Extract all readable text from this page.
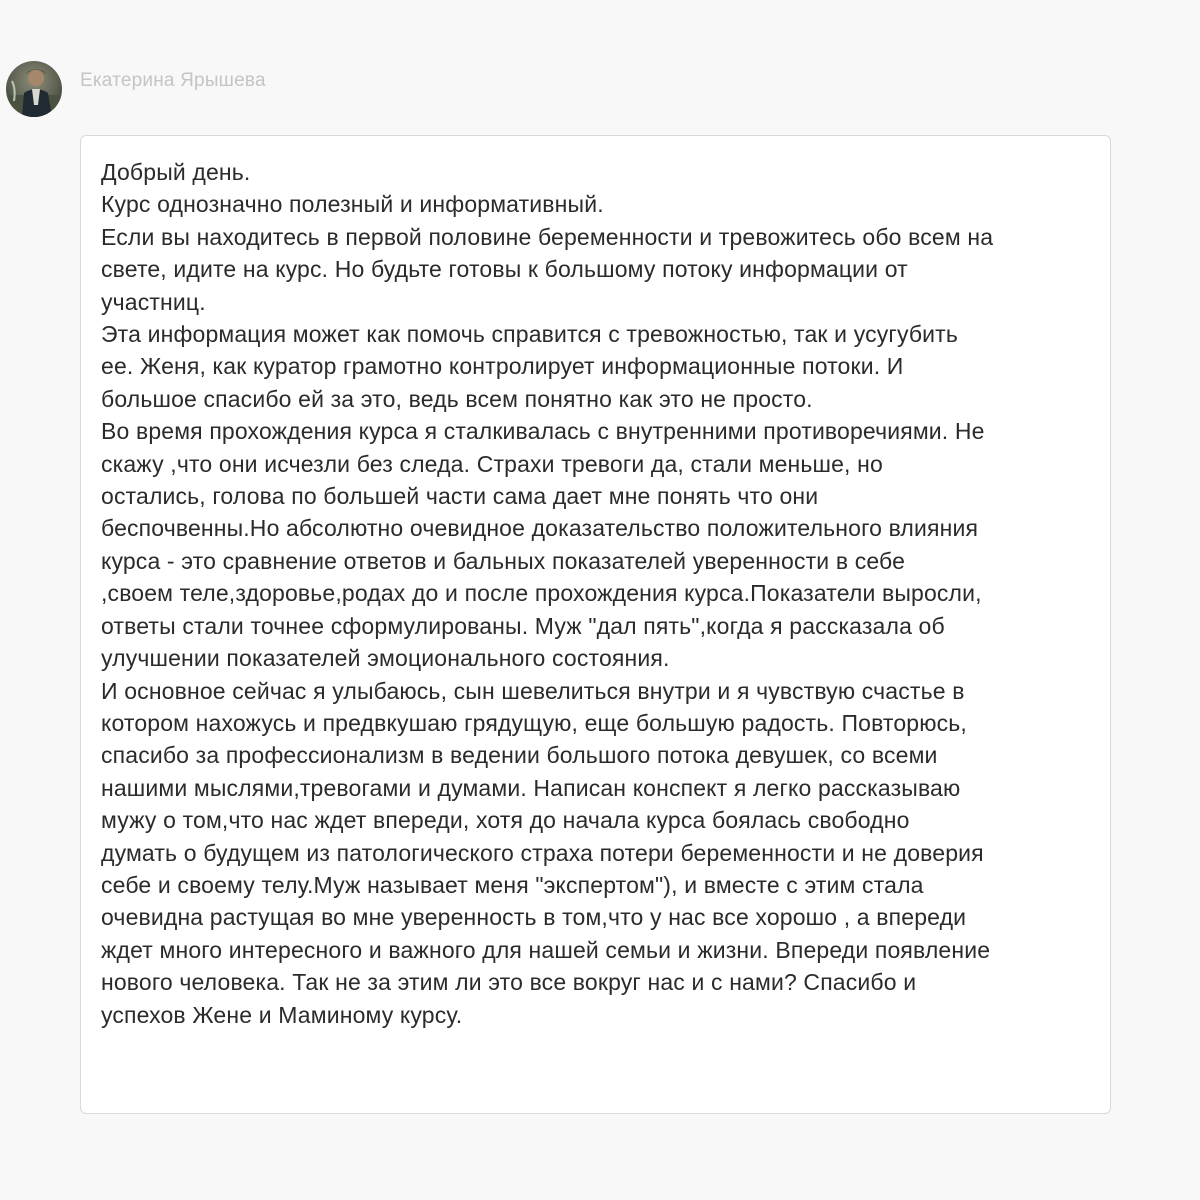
Екатерина Ярышева

Добрый день.
Курс однозначно полезный и информативный.
Если вы находитесь в первой половине беременности и тревожитесь обо всем на
свете, идите на курс. Но будьте готовы к большому потоку информации от
участниц.
Эта информация может как помочь справится с тревожностью, так и усугубить
ее. Женя, как куратор грамотно контролирует информационные потоки. И
большое спасибо ей за это, ведь всем понятно как это не просто.
Во время прохождения курса я сталкивалась с внутренними противоречиями. Не
скажу ,что они исчезли без следа. Страхи тревоги да, стали меньше, но
остались, голова по большей части сама дает мне понять что они
беспочвенны.Но абсолютно очевидное доказательство положительного влияния
курса - это сравнение ответов и бальных показателей уверенности в себе
,своем теле,здоровье,родах до и после прохождения курса.Показатели выросли,
ответы стали точнее сформулированы. Муж "дал пять",когда я рассказала об
улучшении показателей эмоционального состояния.
И основное сейчас я улыбаюсь, сын шевелиться внутри и я чувствую счастье в
котором нахожусь и предвкушаю грядущую, еще большую радость. Повторюсь,
спасибо за профессионализм в ведении большого потока девушек, со всеми
нашими мыслями,тревогами и думами. Написан конспект я легко рассказываю
мужу о том,что нас ждет впереди, хотя до начала курса боялась свободно
думать о будущем из патологического страха потери беременности и не доверия
себе и своему телу.Муж называет меня "экспертом"), и вместе с этим стала
очевидна растущая во мне уверенность в том,что у нас все хорошо , а впереди
ждет много интересного и важного для нашей семьи и жизни. Впереди появление
нового человека. Так не за этим ли это все вокруг нас и с нами? Спасибо и
успехов Жене и Маминому курсу.
